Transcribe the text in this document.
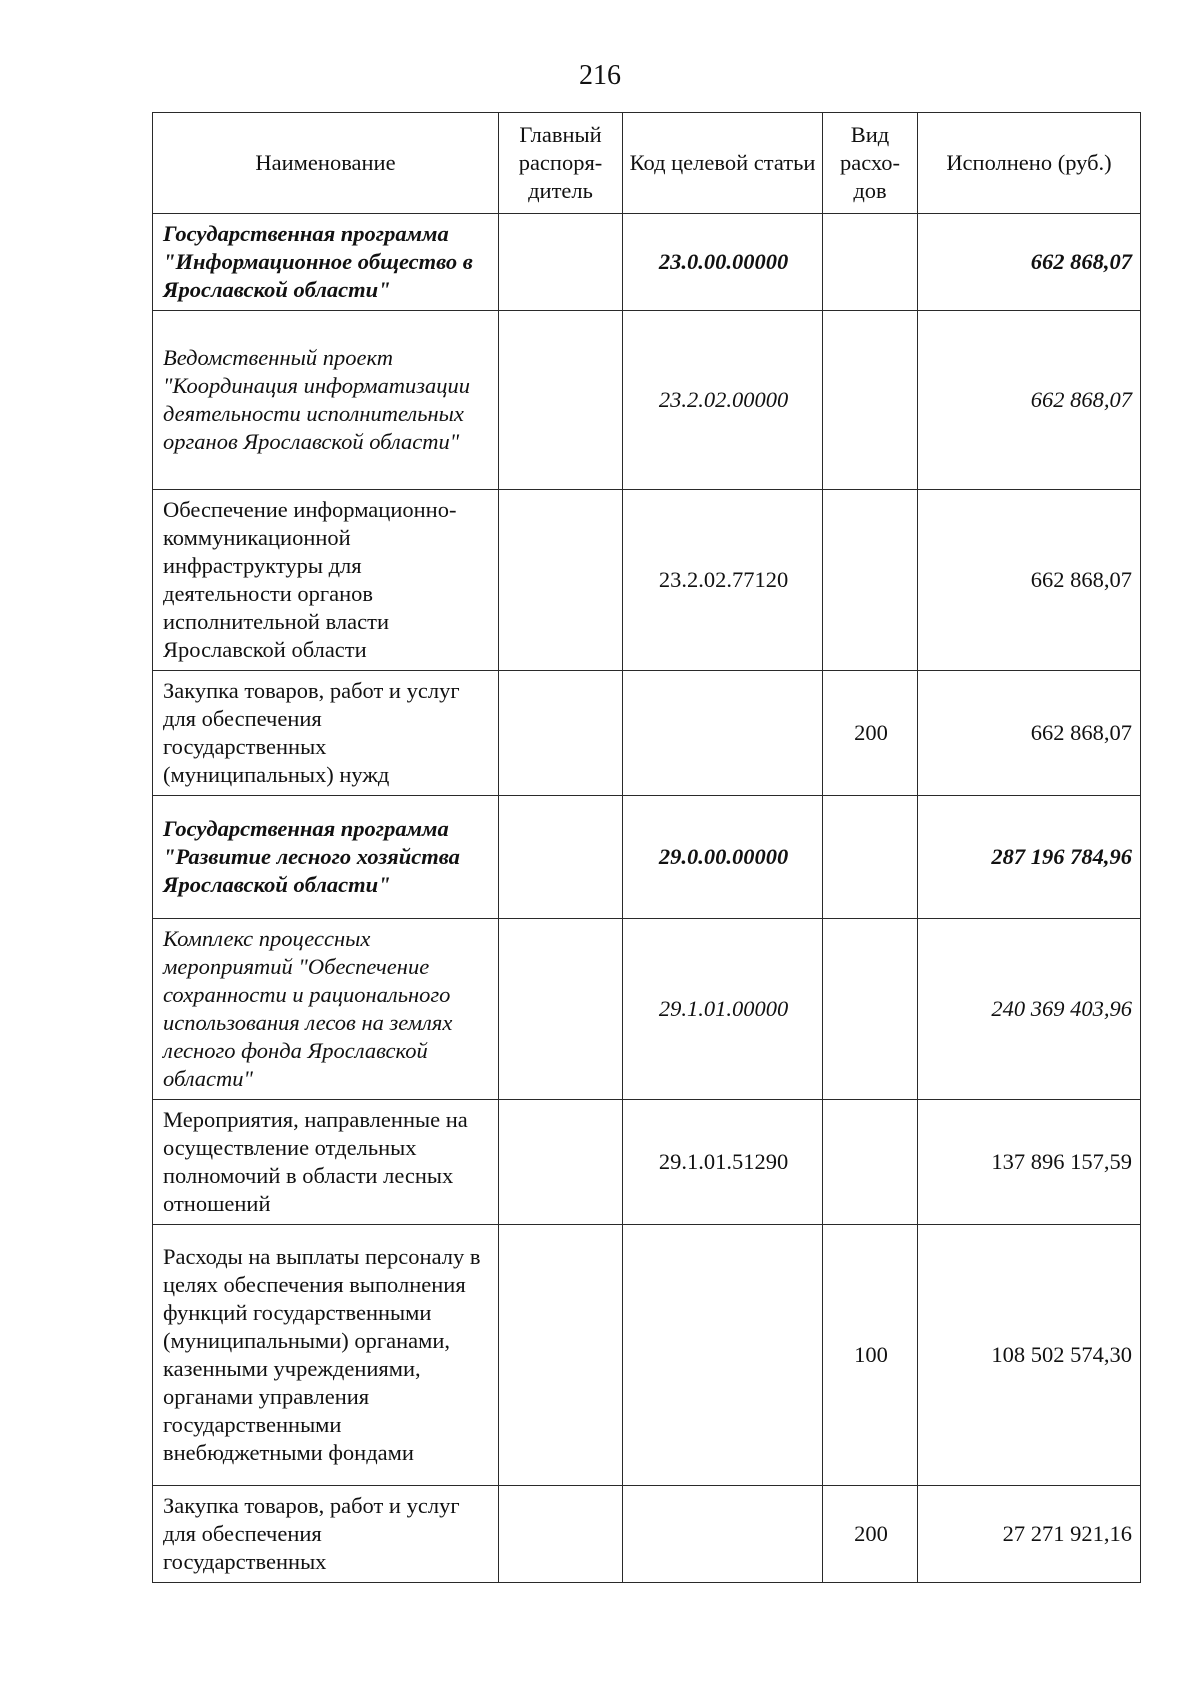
216
Наименование	Главный распоря-дитель	Код целевой статьи	Вид расхо-дов	Исполнено (руб.)
Государственная программа "Информационное общество в Ярославской области"		23.0.00.00000		662 868,07
Ведомственный проект "Координация информатизации деятельности исполнительных органов Ярославской области"		23.2.02.00000		662 868,07
Обеспечение информационно-коммуникационной инфраструктуры для деятельности органов исполнительной власти Ярославской области		23.2.02.77120		662 868,07
Закупка товаров, работ и услуг для обеспечения государственных (муниципальных) нужд			200	662 868,07
Государственная программа "Развитие лесного хозяйства Ярославской области"		29.0.00.00000		287 196 784,96
Комплекс процессных мероприятий "Обеспечение сохранности и рационального использования лесов на землях лесного фонда Ярославской области"		29.1.01.00000		240 369 403,96
Мероприятия, направленные на осуществление отдельных полномочий в области лесных отношений		29.1.01.51290		137 896 157,59
Расходы на выплаты персоналу в целях обеспечения выполнения функций государственными (муниципальными) органами, казенными учреждениями, органами управления государственными внебюджетными фондами			100	108 502 574,30
Закупка товаров, работ и услуг для обеспечения государственных			200	27 271 921,16
